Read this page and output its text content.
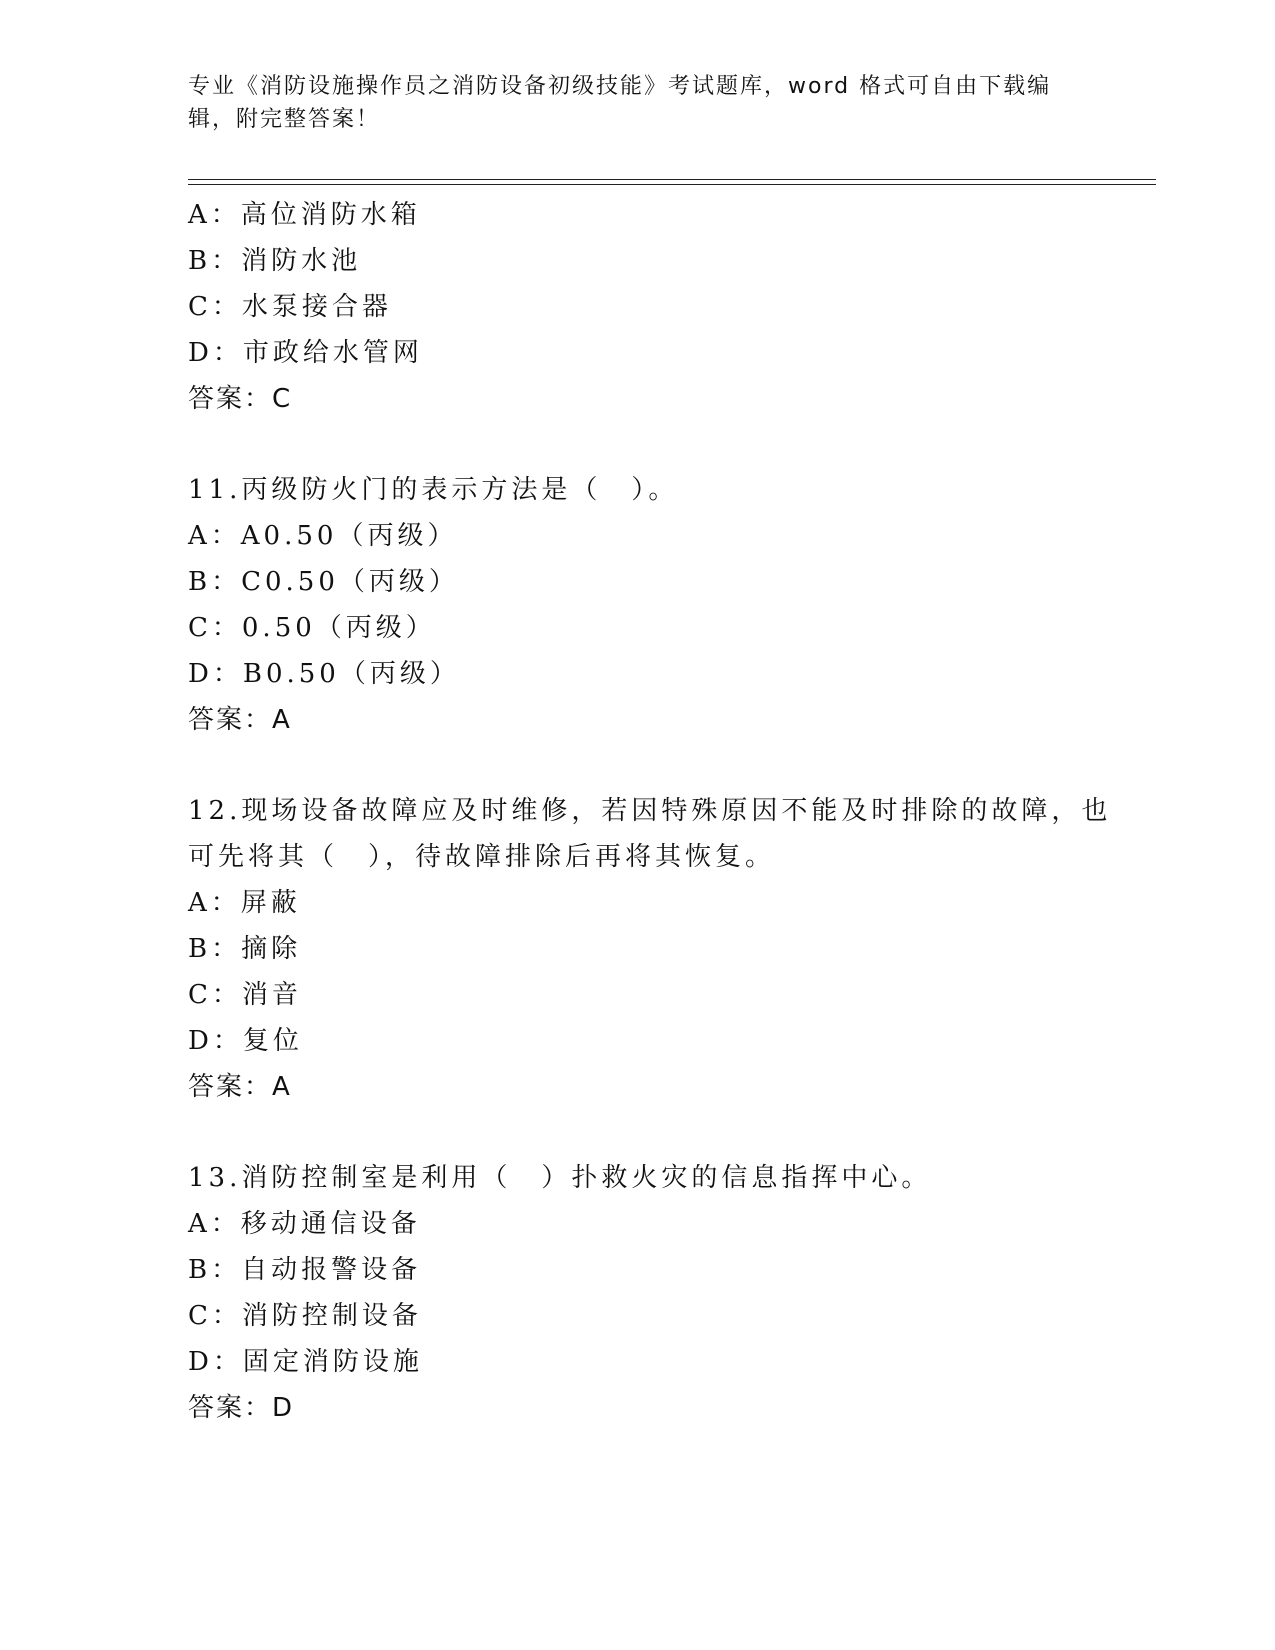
专业《消防设施操作员之消防设备初级技能》考试题库，word 格式可自由下载编
辑，附完整答案！
A：高位消防水箱
B：消防水池
C：水泵接合器
D：市政给水管网
答案：C
11.丙级防火门的表示方法是（　）。
A：A0.50（丙级）
B：C0.50（丙级）
C：0.50（丙级）
D：B0.50（丙级）
答案：A
12.现场设备故障应及时维修，若因特殊原因不能及时排除的故障，也
可先将其（　），待故障排除后再将其恢复。
A：屏蔽
B：摘除
C：消音
D：复位
答案：A
13.消防控制室是利用（　）扑救火灾的信息指挥中心。
A：移动通信设备
B：自动报警设备
C：消防控制设备
D：固定消防设施
答案：D
